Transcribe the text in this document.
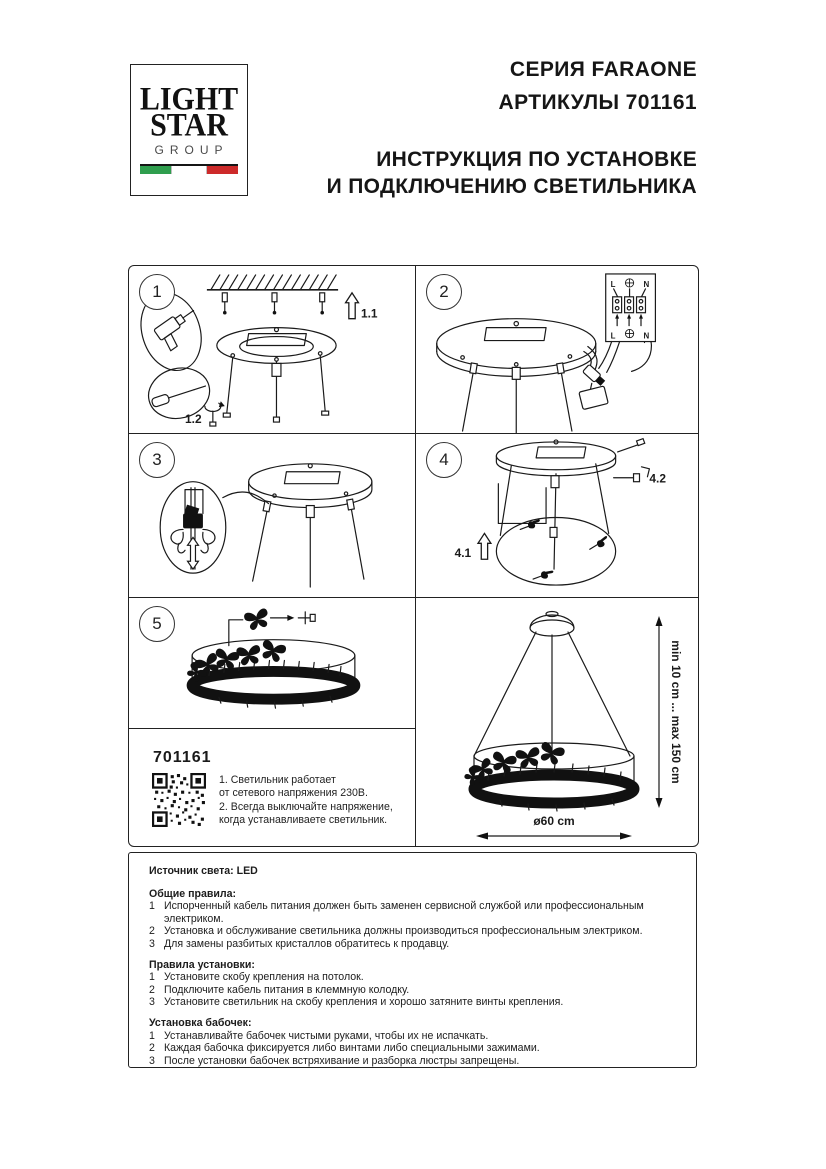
LIGHT
STAR
GROUP
СЕРИЯ FARAONE
АРТИКУЛЫ 701161
ИНСТРУКЦИЯ ПО УСТАНОВКЕ
И ПОДКЛЮЧЕНИЮ СВЕТИЛЬНИКА
1
1.1
1.2
2	L	N
L	N
3	4
4.1
4.2
5
701161
1. Светильник работает
от сетевого напряжения 230В.
2. Всегда выключайте напряжение,
когда устанавливаете светильник.
min 10 cm ... max 150 cm
ø60 cm
Источник света: LED
Общие правила:
1 Испорченный кабель питания должен быть заменен сервисной службой или профессиональным электриком.
2 Установка и обслуживание светильника должны производиться профессиональным электриком.
3 Для замены разбитых кристаллов обратитесь к продавцу.
Правила установки:
1 Установите скобу крепления на потолок.
2 Подключите кабель питания в клеммную колодку.
3 Установите светильник на скобу крепления и хорошо затяните винты крепления.
Установка бабочек:
1 Устанавливайте бабочек чистыми руками, чтобы их не испачкать.
2 Каждая бабочка фиксируется либо винтами либо специальными зажимами.
3 После установки бабочек встряхивание и разборка люстры запрещены.
